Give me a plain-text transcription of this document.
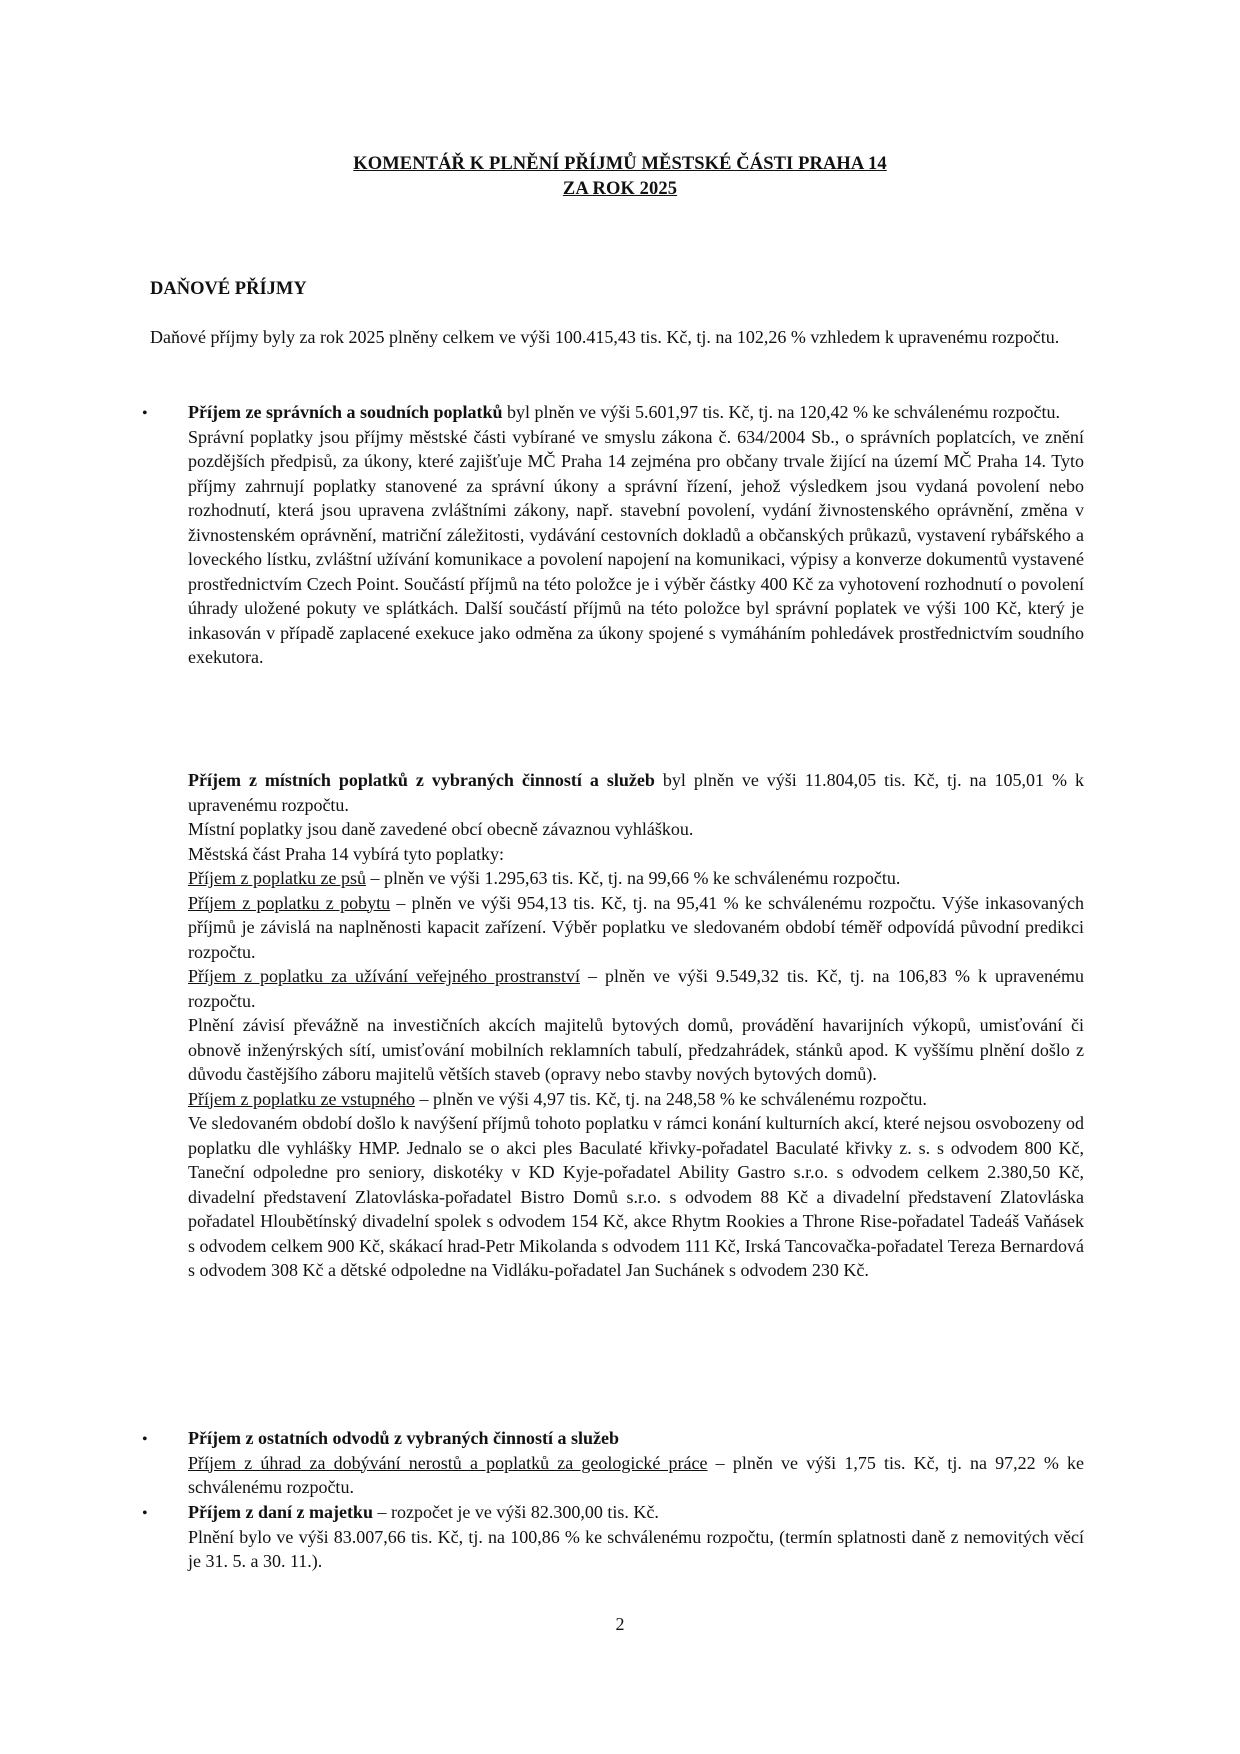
KOMENTÁŘ K PLNĚNÍ PŘÍJMŮ MĚSTSKÉ ČÁSTI PRAHA 14
ZA ROK 2025
DAŇOVÉ PŘÍJMY
Daňové příjmy byly za rok 2025 plněny celkem ve výši 100.415,43 tis. Kč, tj. na 102,26 % vzhledem k upravenému rozpočtu.
• Příjem ze správních a soudních poplatků byl plněn ve výši 5.601,97 tis. Kč, tj. na 120,42 % ke schválenému rozpočtu.

Správní poplatky jsou příjmy městské části vybírané ve smyslu zákona č. 634/2004 Sb., o správních poplatcích, ve znění pozdějších předpisů, za úkony, které zajišťuje MČ Praha 14 zejména pro občany trvale žijící na území MČ Praha 14. Tyto příjmy zahrnují poplatky stanovené za správní úkony a správní řízení, jehož výsledkem jsou vydaná povolení nebo rozhodnutí, která jsou upravena zvláštními zákony, např. stavební povolení, vydání živnostenského oprávnění, změna v živnostenském oprávnění, matriční záležitosti, vydávání cestovních dokladů a občanských průkazů, vystavení rybářského a loveckého lístku, zvláštní užívání komunikace a povolení napojení na komunikaci, výpisy a konverze dokumentů vystavené prostřednictvím Czech Point. Součástí příjmů na této položce je i výběr částky 400 Kč za vyhotovení rozhodnutí o povolení úhrady uložené pokuty ve splátkách. Další součástí příjmů na této položce byl správní poplatek ve výši 100 Kč, který je inkasován v případě zaplacené exekuce jako odměna za úkony spojené s vymáháním pohledávek prostřednictvím soudního exekutora.

Příjem z místních poplatků z vybraných činností a služeb byl plněn ve výši 11.804,05 tis. Kč, tj. na 105,01 % k upravenému rozpočtu.

Místní poplatky jsou daně zavedené obcí obecně závaznou vyhláškou.

Městská část Praha 14 vybírá tyto poplatky:

Příjem z poplatku ze psů – plněn ve výši 1.295,63 tis. Kč, tj. na 99,66 % ke schválenému rozpočtu.

Příjem z poplatku z pobytu – plněn ve výši 954,13 tis. Kč, tj. na 95,41 % ke schválenému rozpočtu. Výše inkasovaných příjmů je závislá na naplněnosti kapacit zařízení. Výběr poplatku ve sledovaném období téměř odpovídá původní predikci rozpočtu.

Příjem z poplatku za užívání veřejného prostranství – plněn ve výši 9.549,32 tis. Kč, tj. na 106,83 % k upravenému rozpočtu.

Plnění závisí převážně na investičních akcích majitelů bytových domů, provádění havarijních výkopů, umisťování či obnově inženýrských sítí, umisťování mobilních reklamních tabulí, předzahrádek, stánků apod. K vyššímu plnění došlo z důvodu častějšího záboru majitelů větších staveb (opravy nebo stavby nových bytových domů).

Příjem z poplatku ze vstupného – plněn ve výši 4,97 tis. Kč, tj. na 248,58 % ke schválenému rozpočtu.

Ve sledovaném období došlo k navýšení příjmů tohoto poplatku v rámci konání kulturních akcí, které nejsou osvobozeny od poplatku dle vyhlášky HMP. Jednalo se o akci ples Baculaté křivky-pořadatel Baculaté křivky z. s. s odvodem 800 Kč, Taneční odpoledne pro seniory, diskotéky v KD Kyje-pořadatel Ability Gastro s.r.o. s odvodem celkem 2.380,50 Kč, divadelní představení Zlatovláska-pořadatel Bistro Domů s.r.o. s odvodem 88 Kč a divadelní představení Zlatovláska pořadatel Hloubětínský divadelní spolek s odvodem 154 Kč, akce Rhytm Rookies a Throne Rise-pořadatel Tadeáš Vaňásek s odvodem celkem 900 Kč, skákací hrad-Petr Mikolanda s odvodem 111 Kč, Irská Tancovačka-pořadatel Tereza Bernardová s odvodem 308 Kč a dětské odpoledne na Vidláku-pořadatel Jan Suchánek s odvodem 230 Kč.

• Příjem z ostatních odvodů z vybraných činností a služeb

Příjem z úhrad za dobývání nerostů a poplatků za geologické práce – plněn ve výši 1,75 tis. Kč, tj. na 97,22 % ke schválenému rozpočtu.

• Příjem z daní z majetku – rozpočet je ve výši 82.300,00 tis. Kč.

Plnění bylo ve výši 83.007,66 tis. Kč, tj. na 100,86 % ke schválenému rozpočtu, (termín splatnosti daně z nemovitých věcí je 31. 5. a 30. 11.).

2
